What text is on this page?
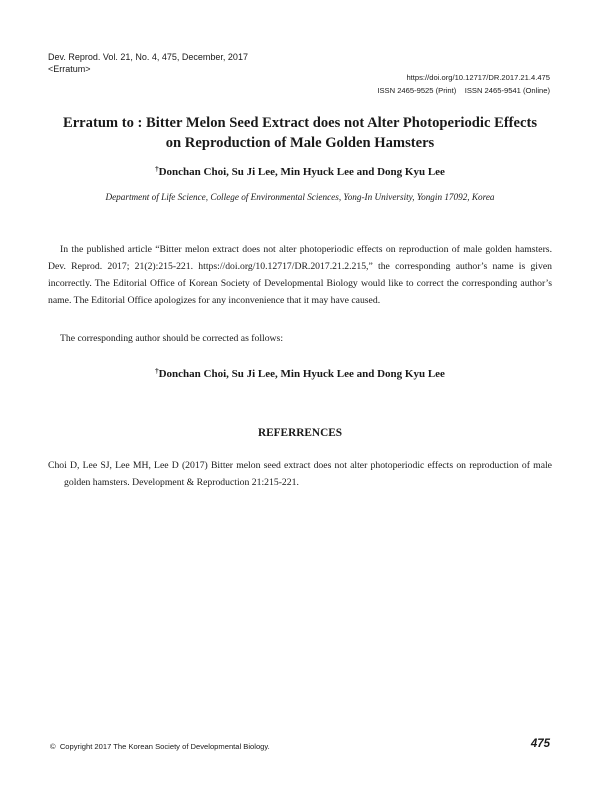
Dev. Reprod. Vol. 21, No. 4, 475, December, 2017
<Erratum>
https://doi.org/10.12717/DR.2017.21.4.475
ISSN 2465-9525 (Print)    ISSN 2465-9541 (Online)
Erratum to : Bitter Melon Seed Extract does not Alter Photoperiodic Effects
on Reproduction of Male Golden Hamsters
†Donchan Choi, Su Ji Lee, Min Hyuck Lee and Dong Kyu Lee
Department of Life Science, College of Environmental Sciences, Yong-In University, Yongin 17092, Korea

In the published article “Bitter melon extract does not alter photoperiodic effects on reproduction of male golden hamsters. Dev. Reprod. 2017; 21(2):215-221. https://doi.org/10.12717/DR.2017.21.2.215,” the corresponding author’s name is given incorrectly. The Editorial Office of Korean Society of Developmental Biology would like to correct the corresponding author’s name. The Editorial Office apologizes for any inconvenience that it may have caused.

The corresponding author should be corrected as follows:

†Donchan Choi, Su Ji Lee, Min Hyuck Lee and Dong Kyu Lee
REFERRENCES

Choi D, Lee SJ, Lee MH, Lee D (2017) Bitter melon seed extract does not alter photoperiodic effects on reproduction of male golden hamsters. Development & Reproduction 21:215-221.

©  Copyright 2017 The Korean Society of Developmental Biology.	475
